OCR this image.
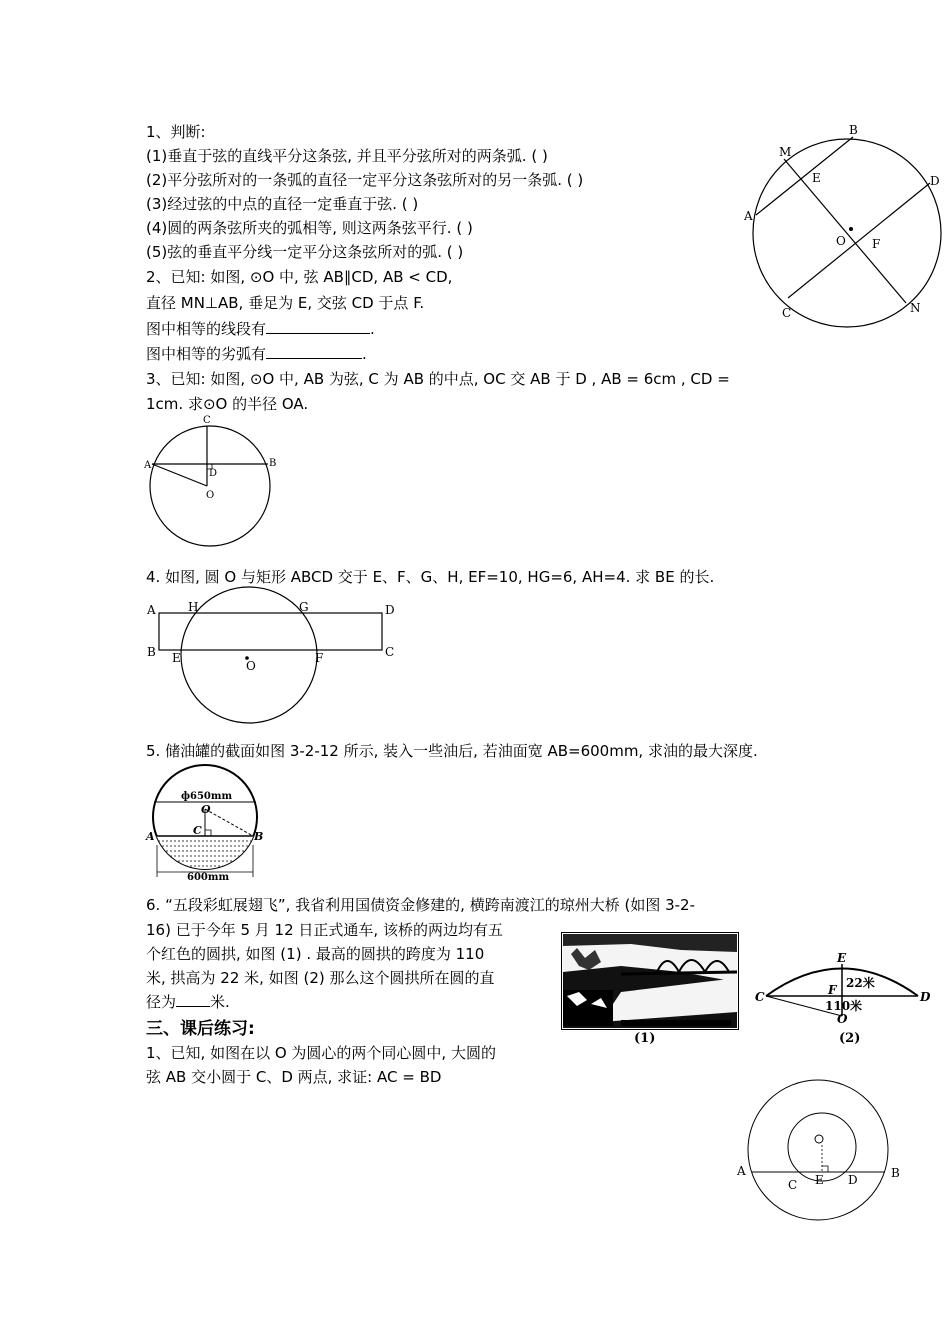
1、判断:
(1)垂直于弦的直线平分这条弦, 并且平分弦所对的两条弧. ( )
(2)平分弦所对的一条弧的直径一定平分这条弦所对的另一条弧. ( )
(3)经过弦的中点的直径一定垂直于弦. ( )
(4)圆的两条弦所夹的弧相等, 则这两条弦平行. ( )
(5)弦的垂直平分线一定平分这条弦所对的弧. ( )
2、已知: 如图, ⊙O 中, 弦 AB∥CD, AB < CD,
直径 MN⊥AB, 垂足为 E, 交弦 CD 于点 F.
图中相等的线段有	.
图中相等的劣弧有	.
B
M
E	D
A
O F
C	N
3、已知: 如图, ⊙O 中, AB 为弦, C 为 AB 的中点, OC 交 AB 于 D , AB = 6cm , CD =
1cm. 求⊙O 的半径 OA.
C
A	B
D
O
4. 如图, 圆 O 与矩形 ABCD 交于 E、F、G、H, EF=10, HG=6, AH=4. 求 BE 的长.
A	H	G	D
B E
O
F	C
5. 储油罐的截面如图 3-2-12 所示, 装入一些油后, 若油面宽 AB=600mm, 求油的最大深度.
ф650mm
O
C
A	B
600mm
6. “五段彩虹展翅飞”, 我省利用国债资金修建的, 横跨南渡江的琼州大桥 (如图 3-2-
16) 已于今年 5 月 12 日正式通车, 该桥的两边均有五
个红色的圆拱, 如图 (1) . 最高的圆拱的跨度为 110
米, 拱高为 22 米, 如图 (2) 那么这个圆拱所在圆的直
径为 米.
(1)
E
22米
C	F	D
110米
O
(2)
三、课后练习:
1、已知, 如图在以 O 为圆心的两个同心圆中, 大圆的
弦 AB 交小圆于 C、D 两点, 求证: AC = BD
A	B
C E D
